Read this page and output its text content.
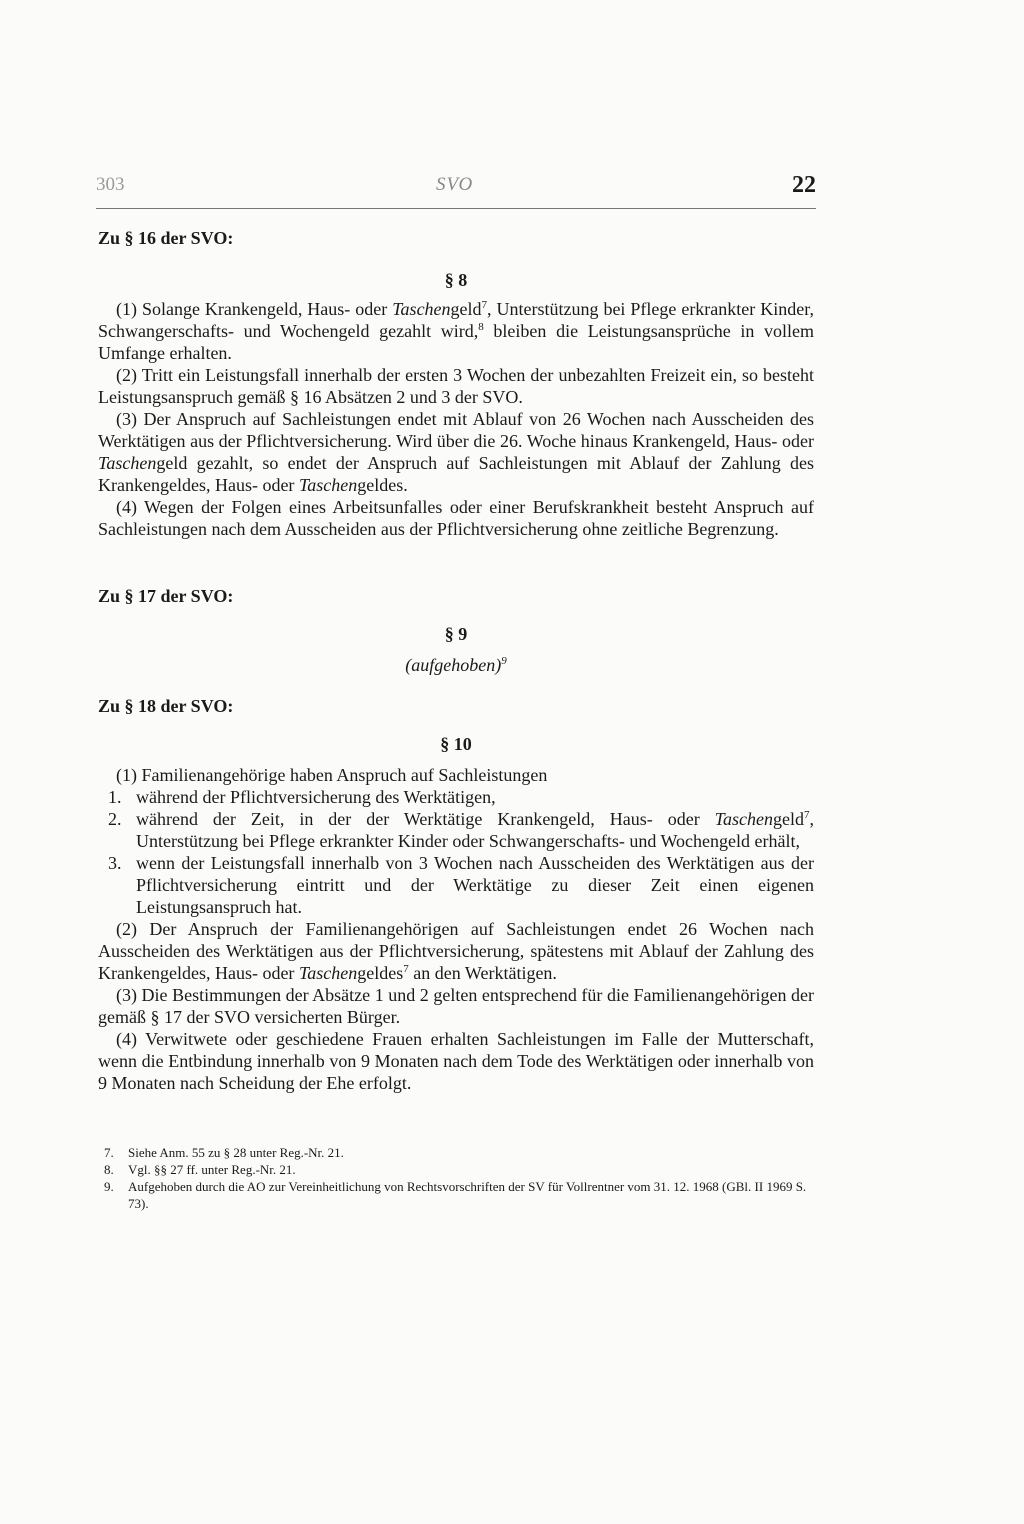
303	SVO	22
Zu § 16 der SVO:
§ 8

(1) Solange Krankengeld, Haus- oder Taschengeld$^7$, Unterstützung bei Pflege erkrankter Kinder, Schwangerschafts- und Wochengeld gezahlt wird,$^8$ bleiben die Leistungsansprüche in vollem Umfange erhalten.

(2) Tritt ein Leistungsfall innerhalb der ersten 3 Wochen der unbezahlten Freizeit ein, so besteht Leistungsanspruch gemäß § 16 Absätzen 2 und 3 der SVO.

(3) Der Anspruch auf Sachleistungen endet mit Ablauf von 26 Wochen nach Ausscheiden des Werktätigen aus der Pflichtversicherung. Wird über die 26. Woche hinaus Krankengeld, Haus- oder Taschengeld gezahlt, so endet der Anspruch auf Sachleistungen mit Ablauf der Zahlung des Krankengeldes, Haus- oder Taschengeldes.

(4) Wegen der Folgen eines Arbeitsunfalles oder einer Berufskrankheit besteht Anspruch auf Sachleistungen nach dem Ausscheiden aus der Pflichtversicherung ohne zeitliche Begrenzung.

Zu § 17 der SVO:
§ 9
(aufgehoben)$^9$
Zu § 18 der SVO:
§ 10

(1) Familienangehörige haben Anspruch auf Sachleistungen

1. während der Pflichtversicherung des Werktätigen,
2. während der Zeit, in der der Werktätige Krankengeld, Haus- oder Taschengeld$^7$, Unterstützung bei Pflege erkrankter Kinder oder Schwangerschafts- und Wochengeld erhält,
3. wenn der Leistungsfall innerhalb von 3 Wochen nach Ausscheiden des Werktätigen aus der Pflichtversicherung eintritt und der Werktätige zu dieser Zeit einen eigenen Leistungsanspruch hat.

(2) Der Anspruch der Familienangehörigen auf Sachleistungen endet 26 Wochen nach Ausscheiden des Werktätigen aus der Pflichtversicherung, spätestens mit Ablauf der Zahlung des Krankengeldes, Haus- oder Taschengeldes$^7$ an den Werktätigen.

(3) Die Bestimmungen der Absätze 1 und 2 gelten entsprechend für die Familienangehörigen der gemäß § 17 der SVO versicherten Bürger.

(4) Verwitwete oder geschiedene Frauen erhalten Sachleistungen im Falle der Mutterschaft, wenn die Entbindung innerhalb von 9 Monaten nach dem Tode des Werktätigen oder innerhalb von 9 Monaten nach Scheidung der Ehe erfolgt.

7.	Siehe Anm. 55 zu § 28 unter Reg.-Nr. 21.
8.	Vgl. §§ 27 ff. unter Reg.-Nr. 21.
9.	Aufgehoben durch die AO zur Vereinheitlichung von Rechtsvorschriften der SV für Vollrentner vom 31. 12. 1968 (GBl. II 1969 S. 73).
